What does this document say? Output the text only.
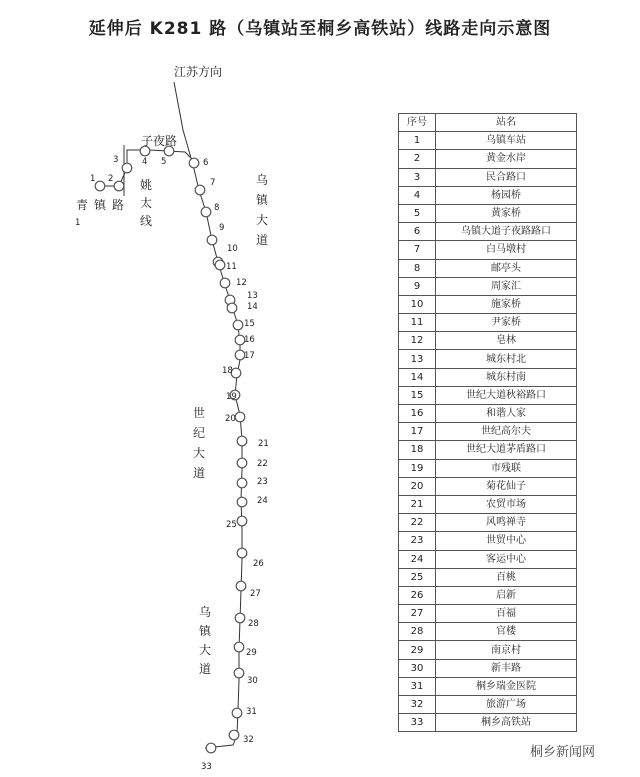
延伸后 K281 路（乌镇站至桐乡高铁站）线路走向示意图
1
1 2
3	4 5	6
7
8
9
10
11
12
13
14
15
16
17
18
19
20
21
22
23
24
25
26
27
28
29
30
31
32
33
江苏方向
子夜路
姚太线
青 镇 路
乌镇大道
世纪大道
乌镇大道
序号	站名
1	乌镇车站
2	黄金水岸
3	民合路口
4	杨园桥
5	黄家桥
6	乌镇大道子夜路路口
7	白马墩村
8	邮亭头
9	周家汇
10	施家桥
11	尹家桥
12	皂林
13	城东村北
14	城东村南
15	世纪大道秋裕路口
16	和谐人家
17	世纪高尔夫
18	世纪大道茅盾路口
19	市残联
20	菊花仙子
21	农贸市场
22	风鸣禅寺
23	世贸中心
24	客运中心
25	百桃
26	启新
27	百福
28	官楼
29	南京村
30	新丰路
31	桐乡瑞金医院
32	旅游广场
33	桐乡高铁站
桐乡新闻网
